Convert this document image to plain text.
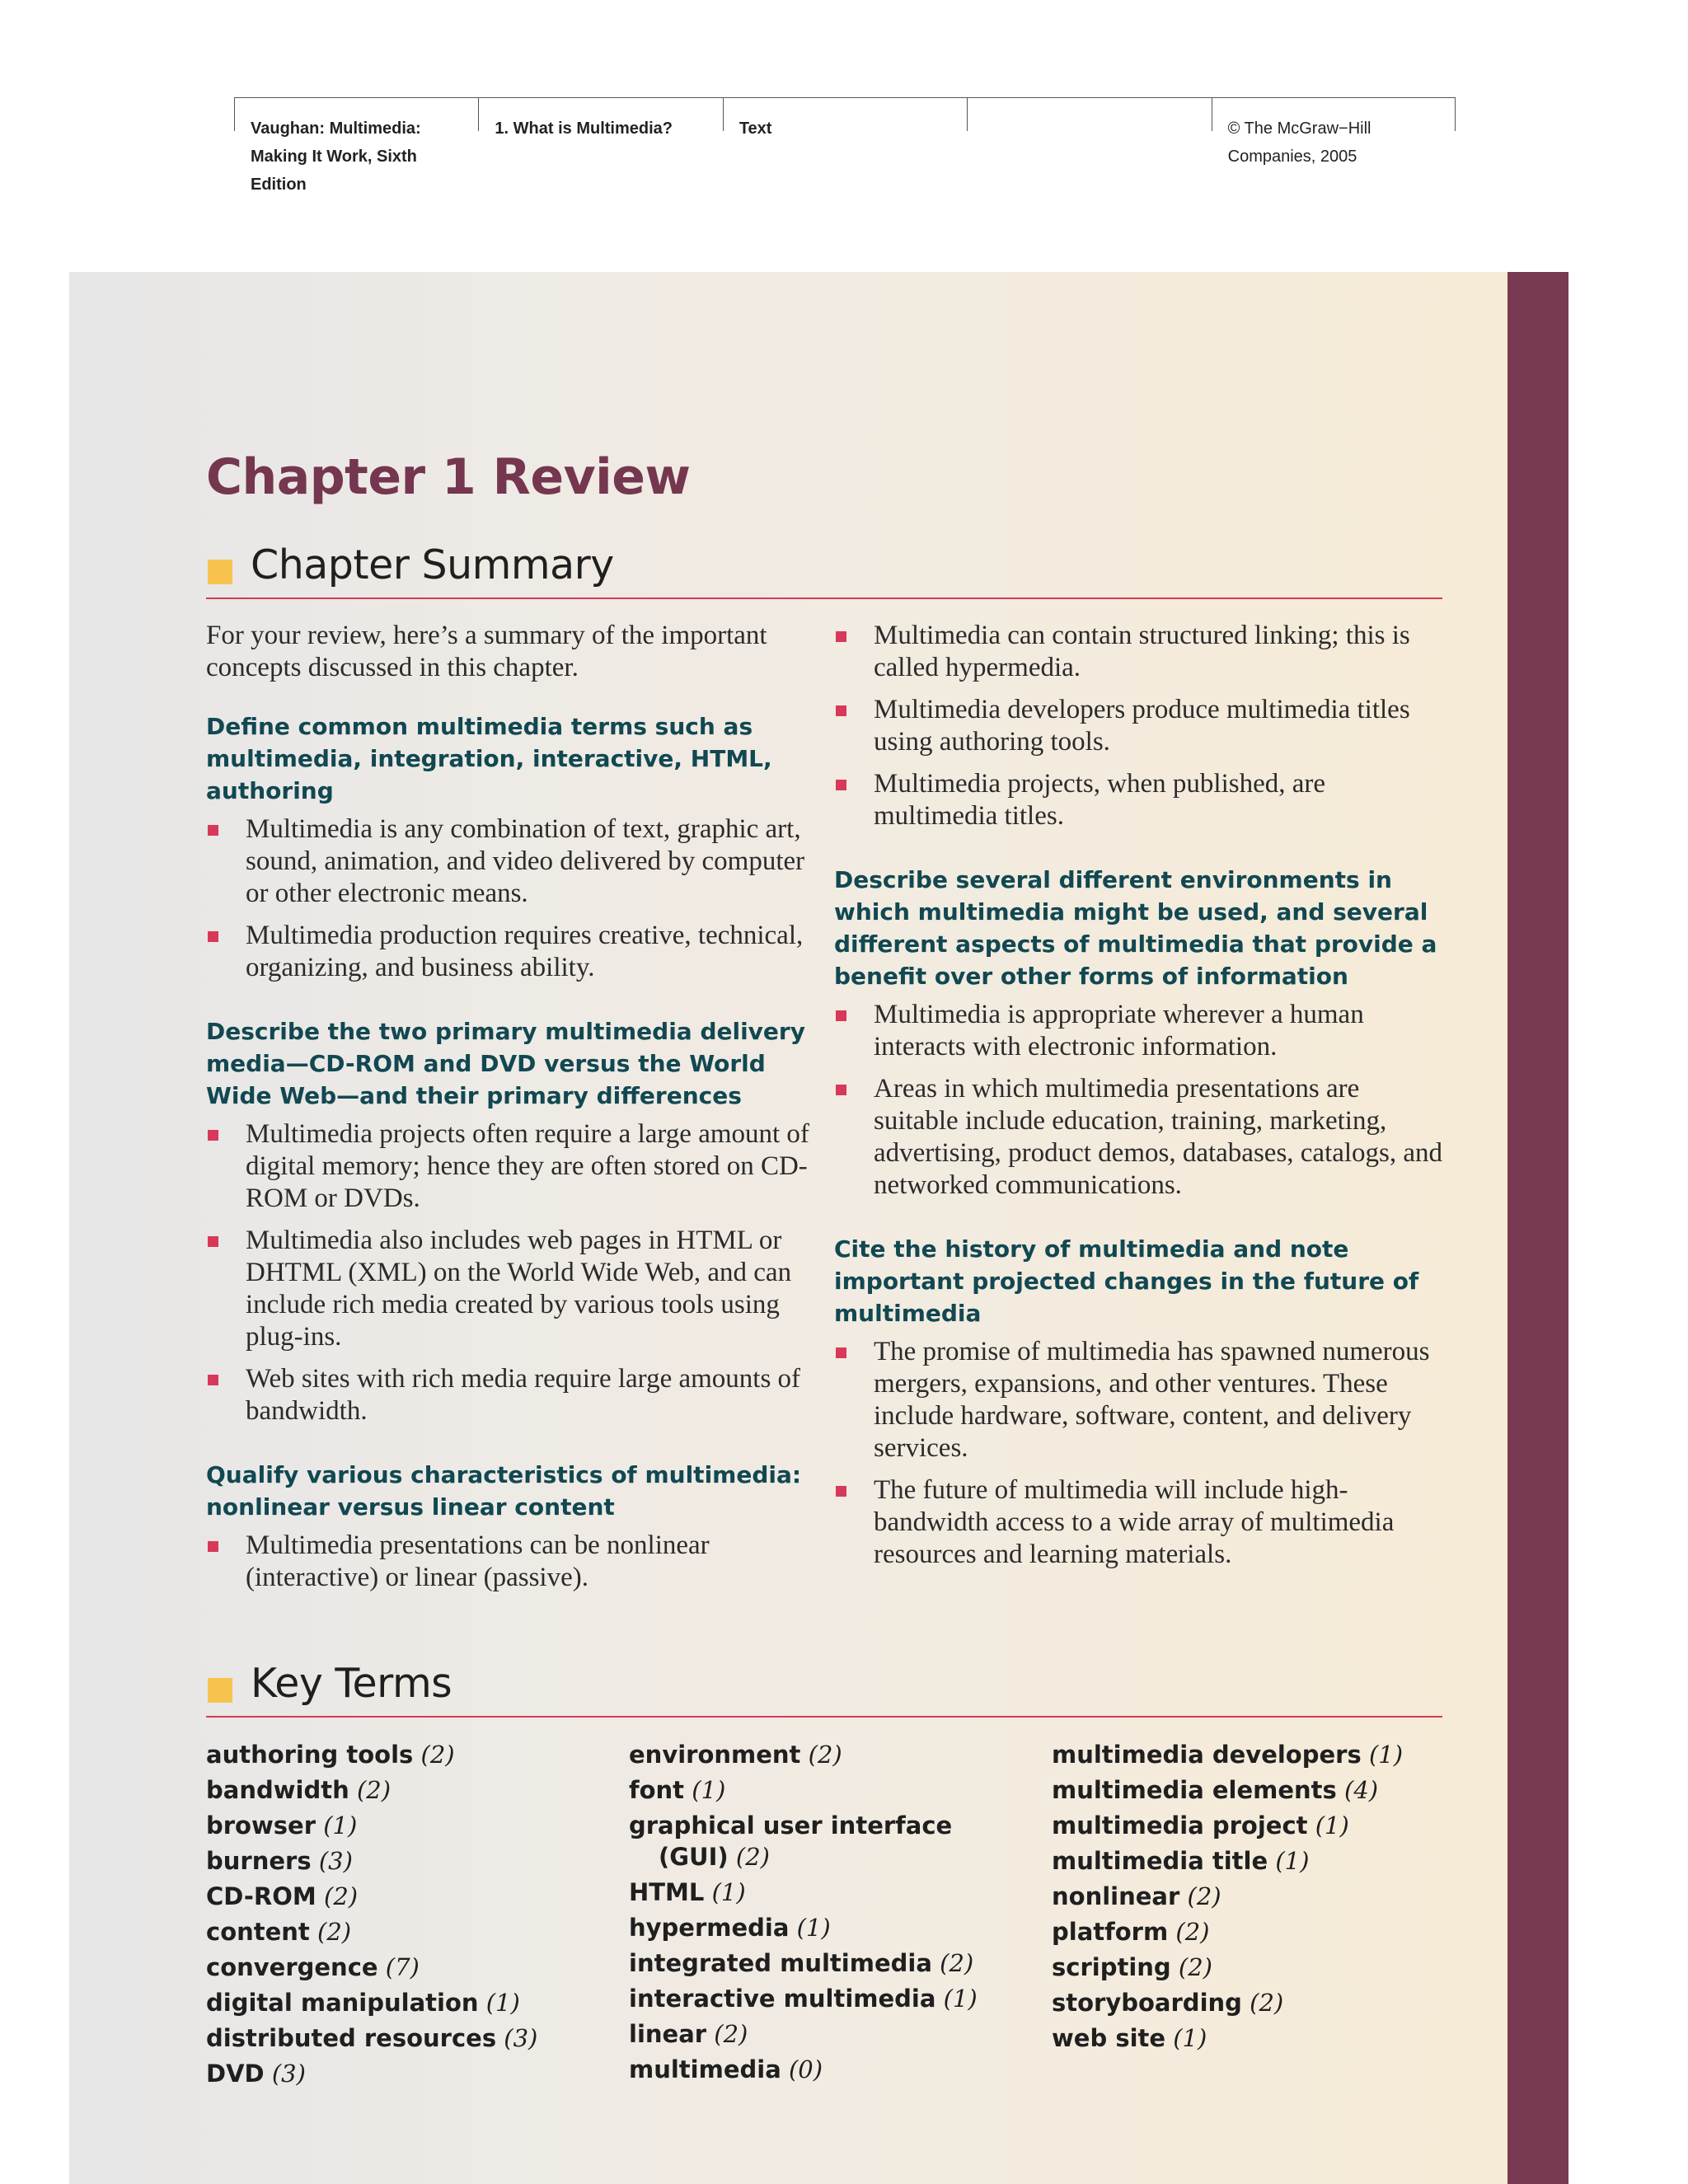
Vaughan: Multimedia: Making It Work, Sixth Edition
1. What is Multimedia?	Text	© The McGraw−Hill Companies, 2005
Chapter 1 Review
Chapter Summary

For your review, here’s a summary of the important concepts discussed in this chapter.

Define common multimedia terms such as multimedia, integration, interactive, HTML, authoring

Multimedia is any combination of text, graphic art, sound, animation, and video delivered by computer or other electronic means.
Multimedia production requires creative, technical, organizing, and business ability.

Describe the two primary multimedia delivery media—CD-ROM and DVD versus the World Wide Web—and their primary differences

Multimedia projects often require a large amount of digital memory; hence they are often stored on CD-ROM or DVDs.
Multimedia also includes web pages in HTML or DHTML (XML) on the World Wide Web, and can include rich media created by various tools using plug-ins.
Web sites with rich media require large amounts of bandwidth.

Qualify various characteristics of multimedia: nonlinear versus linear content

Multimedia presentations can be nonlinear (interactive) or linear (passive).
Multimedia can contain structured linking; this is called hypermedia.
Multimedia developers produce multimedia titles using authoring tools.
Multimedia projects, when published, are multimedia titles.

Describe several different environments in which multimedia might be used, and several different aspects of multimedia that provide a benefit over other forms of information

Multimedia is appropriate wherever a human interacts with electronic information.
Areas in which multimedia presentations are suitable include education, training, marketing, advertising, product demos, databases, catalogs, and networked communications.

Cite the history of multimedia and note important projected changes in the future of multimedia

The promise of multimedia has spawned numerous mergers, expansions, and other ventures. These include hardware, software, content, and delivery services.
The future of multimedia will include high-bandwidth access to a wide array of multimedia resources and learning materials.
Key Terms
authoring tools (2)
bandwidth (2)
browser (1)
burners (3)
CD-ROM (2)
content (2)
convergence (7)
digital manipulation (1)
distributed resources (3)
DVD (3)
environment (2)
font (1)
graphical user interface (GUI) (2)
HTML (1)
hypermedia (1)
integrated multimedia (2)
interactive multimedia (1)
linear (2)
multimedia (0)
multimedia developers (1)
multimedia elements (4)
multimedia project (1)
multimedia title (1)
nonlinear (2)
platform (2)
scripting (2)
storyboarding (2)
web site (1)
